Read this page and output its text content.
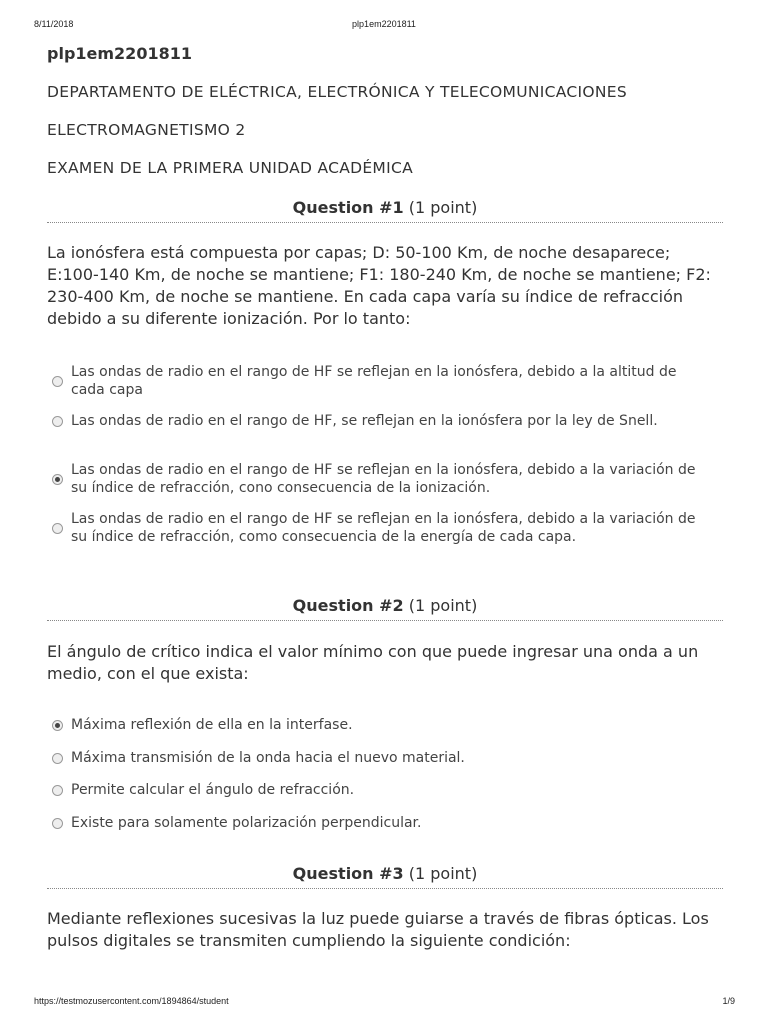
8/11/2018	plp1em2201811
plp1em2201811
DEPARTAMENTO DE ELÉCTRICA, ELECTRÓNICA Y TELECOMUNICACIONES
ELECTROMAGNETISMO 2
EXAMEN DE LA PRIMERA UNIDAD ACADÉMICA
Question #1 (1 point)
La ionósfera está compuesta por capas; D: 50-100 Km, de noche desaparece; E:100-140 Km, de noche se mantiene; F1: 180-240 Km, de noche se mantiene; F2: 230-400 Km, de noche se mantiene. En cada capa varía su índice de refracción debido a su diferente ionización. Por lo tanto:
Las ondas de radio en el rango de HF se reflejan en la ionósfera, debido a la altitud de cada capa
Las ondas de radio en el rango de HF, se reflejan en la ionósfera por la ley de Snell.
Las ondas de radio en el rango de HF se reflejan en la ionósfera, debido a la variación de su índice de refracción, cono consecuencia de la ionización.
Las ondas de radio en el rango de HF se reflejan en la ionósfera, debido a la variación de su índice de refracción, como consecuencia de la energía de cada capa.
Question #2 (1 point)
El ángulo de crítico indica el valor mínimo con que puede ingresar una onda a un medio, con el que exista:
Máxima reflexión de ella en la interfase.
Máxima transmisión de la onda hacia el nuevo material.
Permite calcular el ángulo de refracción.
Existe para solamente polarización perpendicular.
Question #3 (1 point)
Mediante reflexiones sucesivas la luz puede guiarse a través de fibras ópticas. Los pulsos digitales se transmiten cumpliendo la siguiente condición:
https://testmozusercontent.com/1894864/student	1/9
